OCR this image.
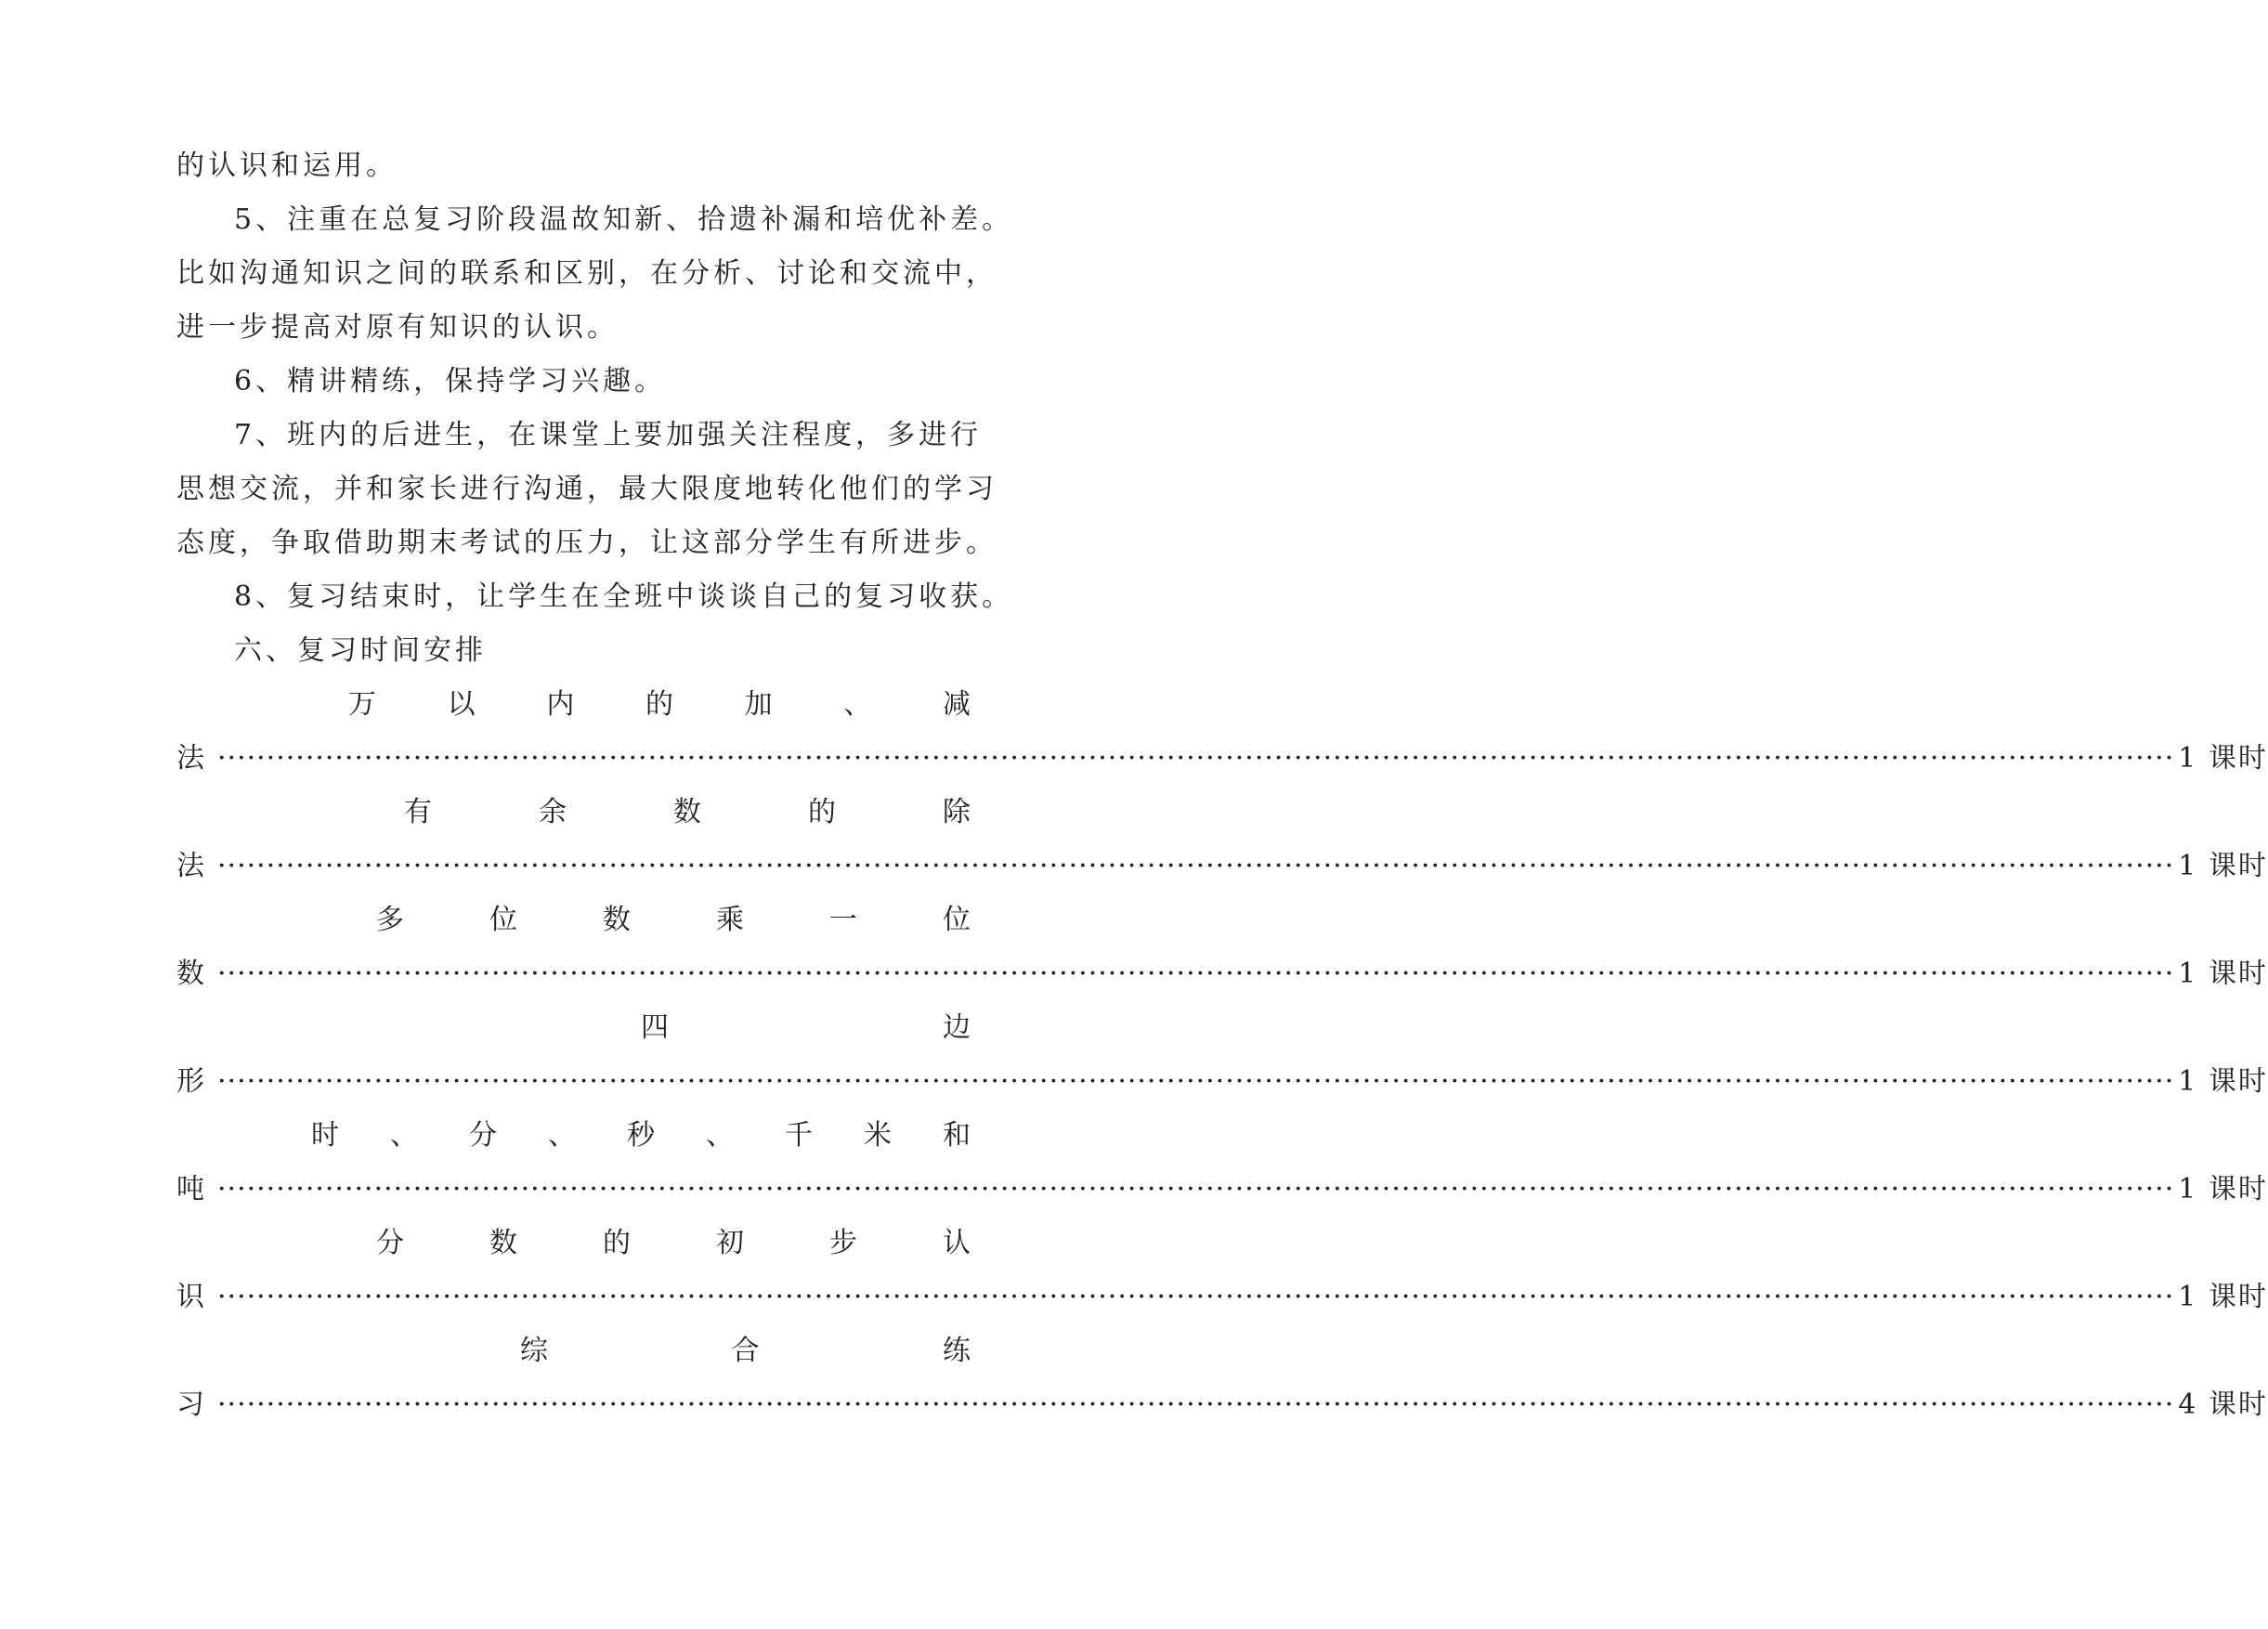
的认识和运用。
5、注重在总复习阶段温故知新、拾遗补漏和培优补差。
比如沟通知识之间的联系和区别，在分析、讨论和交流中，
进一步提高对原有知识的认识。
6、精讲精练，保持学习兴趣。
7、班内的后进生，在课堂上要加强关注程度，多进行
思想交流，并和家长进行沟通，最大限度地转化他们的学习
态度，争取借助期末考试的压力，让这部分学生有所进步。
8、复习结束时，让学生在全班中谈谈自己的复习收获。
六、复习时间安排
万	以	内	的	加	、	减
法 ········································································································································································································ 1 课时
有	余	数	的	除
法 ········································································································································································································ 1 课时
多	位	数	乘	一	位
数 ········································································································································································································ 1 课时
四	边
形 ········································································································································································································ 1 课时
时 、 分 、 秒 、 千 米 和
吨 ········································································································································································································ 1 课时
分	数	的	初	步	认
识 ········································································································································································································ 1 课时
综	合	练
习 ········································································································································································································ 4 课时
